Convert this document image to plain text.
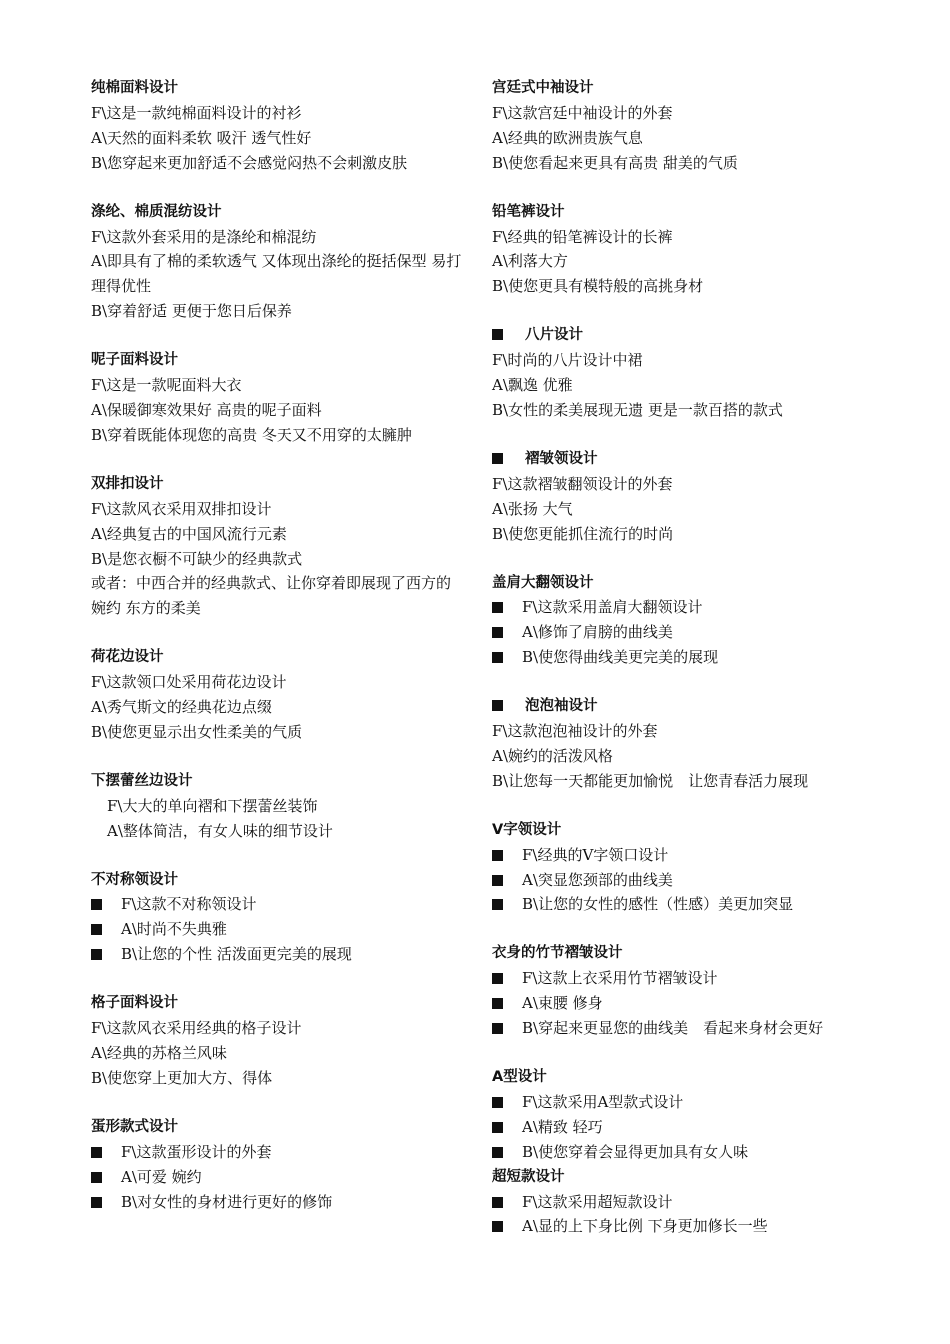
纯棉面料设计
F\这是一款纯棉面料设计的衬衫
A\天然的面料柔软 吸汗 透气性好
B\您穿起来更加舒适不会感觉闷热不会刺激皮肤
涤纶、棉质混纺设计
F\这款外套采用的是涤纶和棉混纺
A\即具有了棉的柔软透气 又体现出涤纶的挺括保型 易打理得优性
B\穿着舒适 更便于您日后保养
呢子面料设计
F\这是一款呢面料大衣
A\保暖御寒效果好 高贵的呢子面料
B\穿着既能体现您的高贵 冬天又不用穿的太臃肿
双排扣设计
F\这款风衣采用双排扣设计
A\经典复古的中国风流行元素
B\是您衣橱不可缺少的经典款式
或者：中西合并的经典款式、让你穿着即展现了西方的婉约 东方的柔美
荷花边设计
F\这款领口处采用荷花边设计
A\秀气斯文的经典花边点缀
B\使您更显示出女性柔美的气质
下摆蕾丝边设计
F\大大的单向褶和下摆蕾丝装饰
A\整体简洁，有女人味的细节设计
不对称领设计
F\这款不对称领设计
A\时尚不失典雅
B\让您的个性 活泼面更完美的展现
格子面料设计
F\这款风衣采用经典的格子设计
A\经典的苏格兰风味
B\使您穿上更加大方、得体
蛋形款式设计
F\这款蛋形设计的外套
A\可爱 婉约
B\对女性的身材进行更好的修饰
宫廷式中袖设计
F\这款宫廷中袖设计的外套
A\经典的欧洲贵族气息
B\使您看起来更具有高贵 甜美的气质
铅笔裤设计
F\经典的铅笔裤设计的长裤
A\利落大方
B\使您更具有模特般的高挑身材
八片设计
F\时尚的八片设计中裙
A\飘逸 优雅
B\女性的柔美展现无遗 更是一款百搭的款式
褶皱领设计
F\这款褶皱翻领设计的外套
A\张扬 大气
B\使您更能抓住流行的时尚
盖肩大翻领设计
F\这款采用盖肩大翻领设计
A\修饰了肩膀的曲线美
B\使您得曲线美更完美的展现
泡泡袖设计
F\这款泡泡袖设计的外套
A\婉约的活泼风格
B\让您每一天都能更加愉悦　让您青春活力展现
V字领设计
F\经典的V字领口设计
A\突显您颈部的曲线美
B\让您的女性的感性（性感）美更加突显
衣身的竹节褶皱设计
F\这款上衣采用竹节褶皱设计
A\束腰 修身
B\穿起来更显您的曲线美　看起来身材会更好
A型设计
F\这款采用A型款式设计
A\精致 轻巧
B\使您穿着会显得更加具有女人味
超短款设计
F\这款采用超短款设计
A\显的上下身比例 下身更加修长一些
